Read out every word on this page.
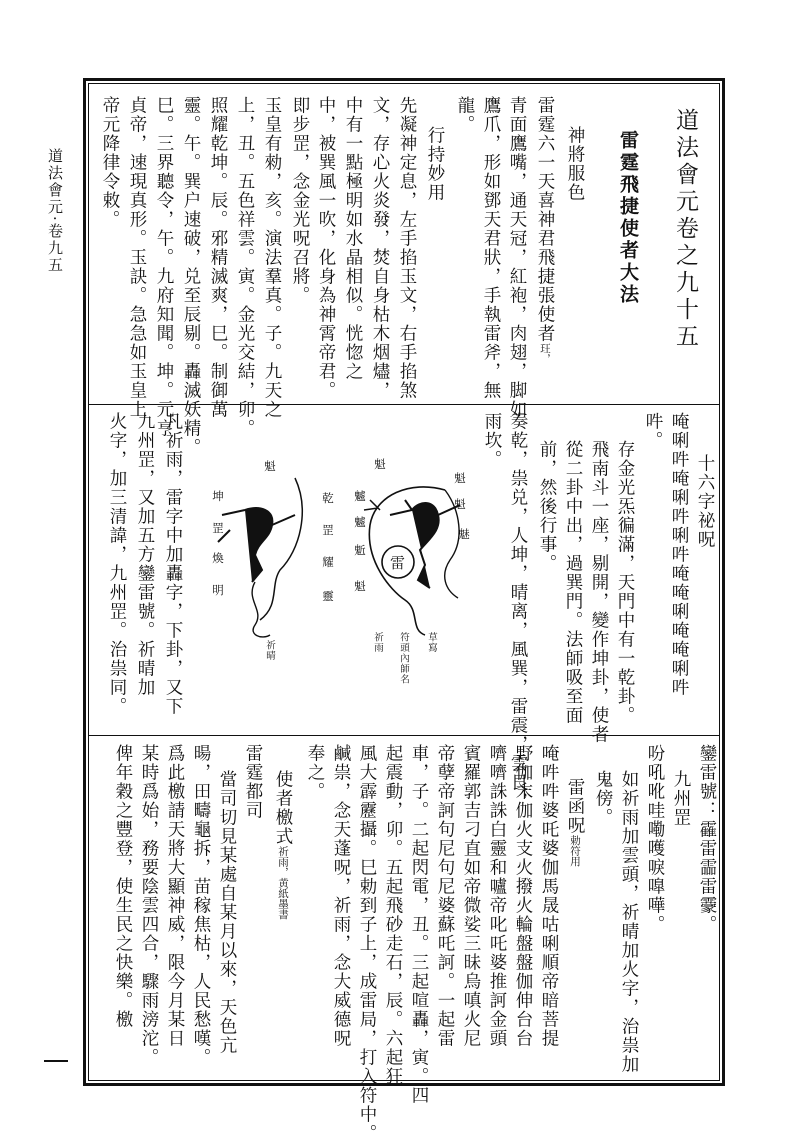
道法會元·卷九五	道法會元卷之九十五
雷霆飛捷使者大法
神將服色
雷霆六一天喜神君飛捷張使者玨，
青面鷹嘴，通天冠，紅袍，肉翅，脚如
鷹爪，形如鄧天君狀，手執雷斧，無
龍。
行持妙用
先凝神定息，左手掐玉文，右手掐煞
文，存心火炎發，焚自身枯木烟燼，
中有一點極明如水晶相似。恍惚之
中，被巽風一吹，化身為神霄帝君。
即步罡，念金光呪召將。
玉皇有勑，亥。演法羣真。子。九天之
上，丑。五色祥雲。寅。金光交結，卯。
照耀乾坤。辰。邪精滅爽，巳。制御萬
靈。午。巽户速破，兑至辰剔。轟滅妖精。
巳。三界聽令，午。九府知聞。坤。元亨
貞帝，速現真形。玉訣。急急如玉皇上
帝元降律令敕。
十六字祕呪
唵唎吽唵唎吽唎吽唵唵唎唵唵唎吽
吽。
存金光炁徧滿，天門中有一乾卦。
飛南斗一座，剔開，變作坤卦，使者
從二卦中出，過巽門。法師吸至面
前，然後行事。
奏乾，祟兑，人坤，晴离，風巽，雷震，雲艮，
雨坎。
凡祈雨，雷字中加轟字，下卦，又下
九州罡，又加五方鑾雷號。祈晴加
火字，加三清諱，九州罡。治祟同。	雷
魁
魁
魅
魁
魖
魖
鬿
魁
草寫
符頭內師名
祈雨
魁
乾
罡
耀
靈
坤
罡
煥
明
祈晴
鑾雷號：靃雷霝雷靀。
九州罡
吩吼吪哇嘞嚄唳嘷嘩。
如祈雨加雲頭，祈晴加火字，治祟加
鬼傍。
雷函呪勅符用
唵吽吽婆吒婆伽馬晟咕唎順帝暗菩提
野伽末伽火支火撥火輪盤盤伽伸台台
嚌嚌誅誅白靈和嚧帝叱吒婆推訶金頭
賓羅郭吉刁直如帝微娑三昧烏嗔火尼
帝孽帝訶句尼句尼婆蘇吒訶。一起雷
車，子。二起閃電，丑。三起喧轟，寅。四
起震動，卯。五起飛砂走石，辰。六起狂
風大霹靂攝。巳勅到子上，成雷局，打入符中。
鹹祟，念天蓬呪，祈雨，念大威德呪
奉之。
使者檄式祈雨，黄紙墨書
雷霆都司
當司切見某處自某月以來，天色亢
暘，田疇龜拆，苗稼焦枯，人民愁嘆。
爲此檄請天將大顯神威，限今月某日
某時爲始，務要陰雲四合，驟雨滂沱。
俾年穀之豐登，使生民之快樂。檄
